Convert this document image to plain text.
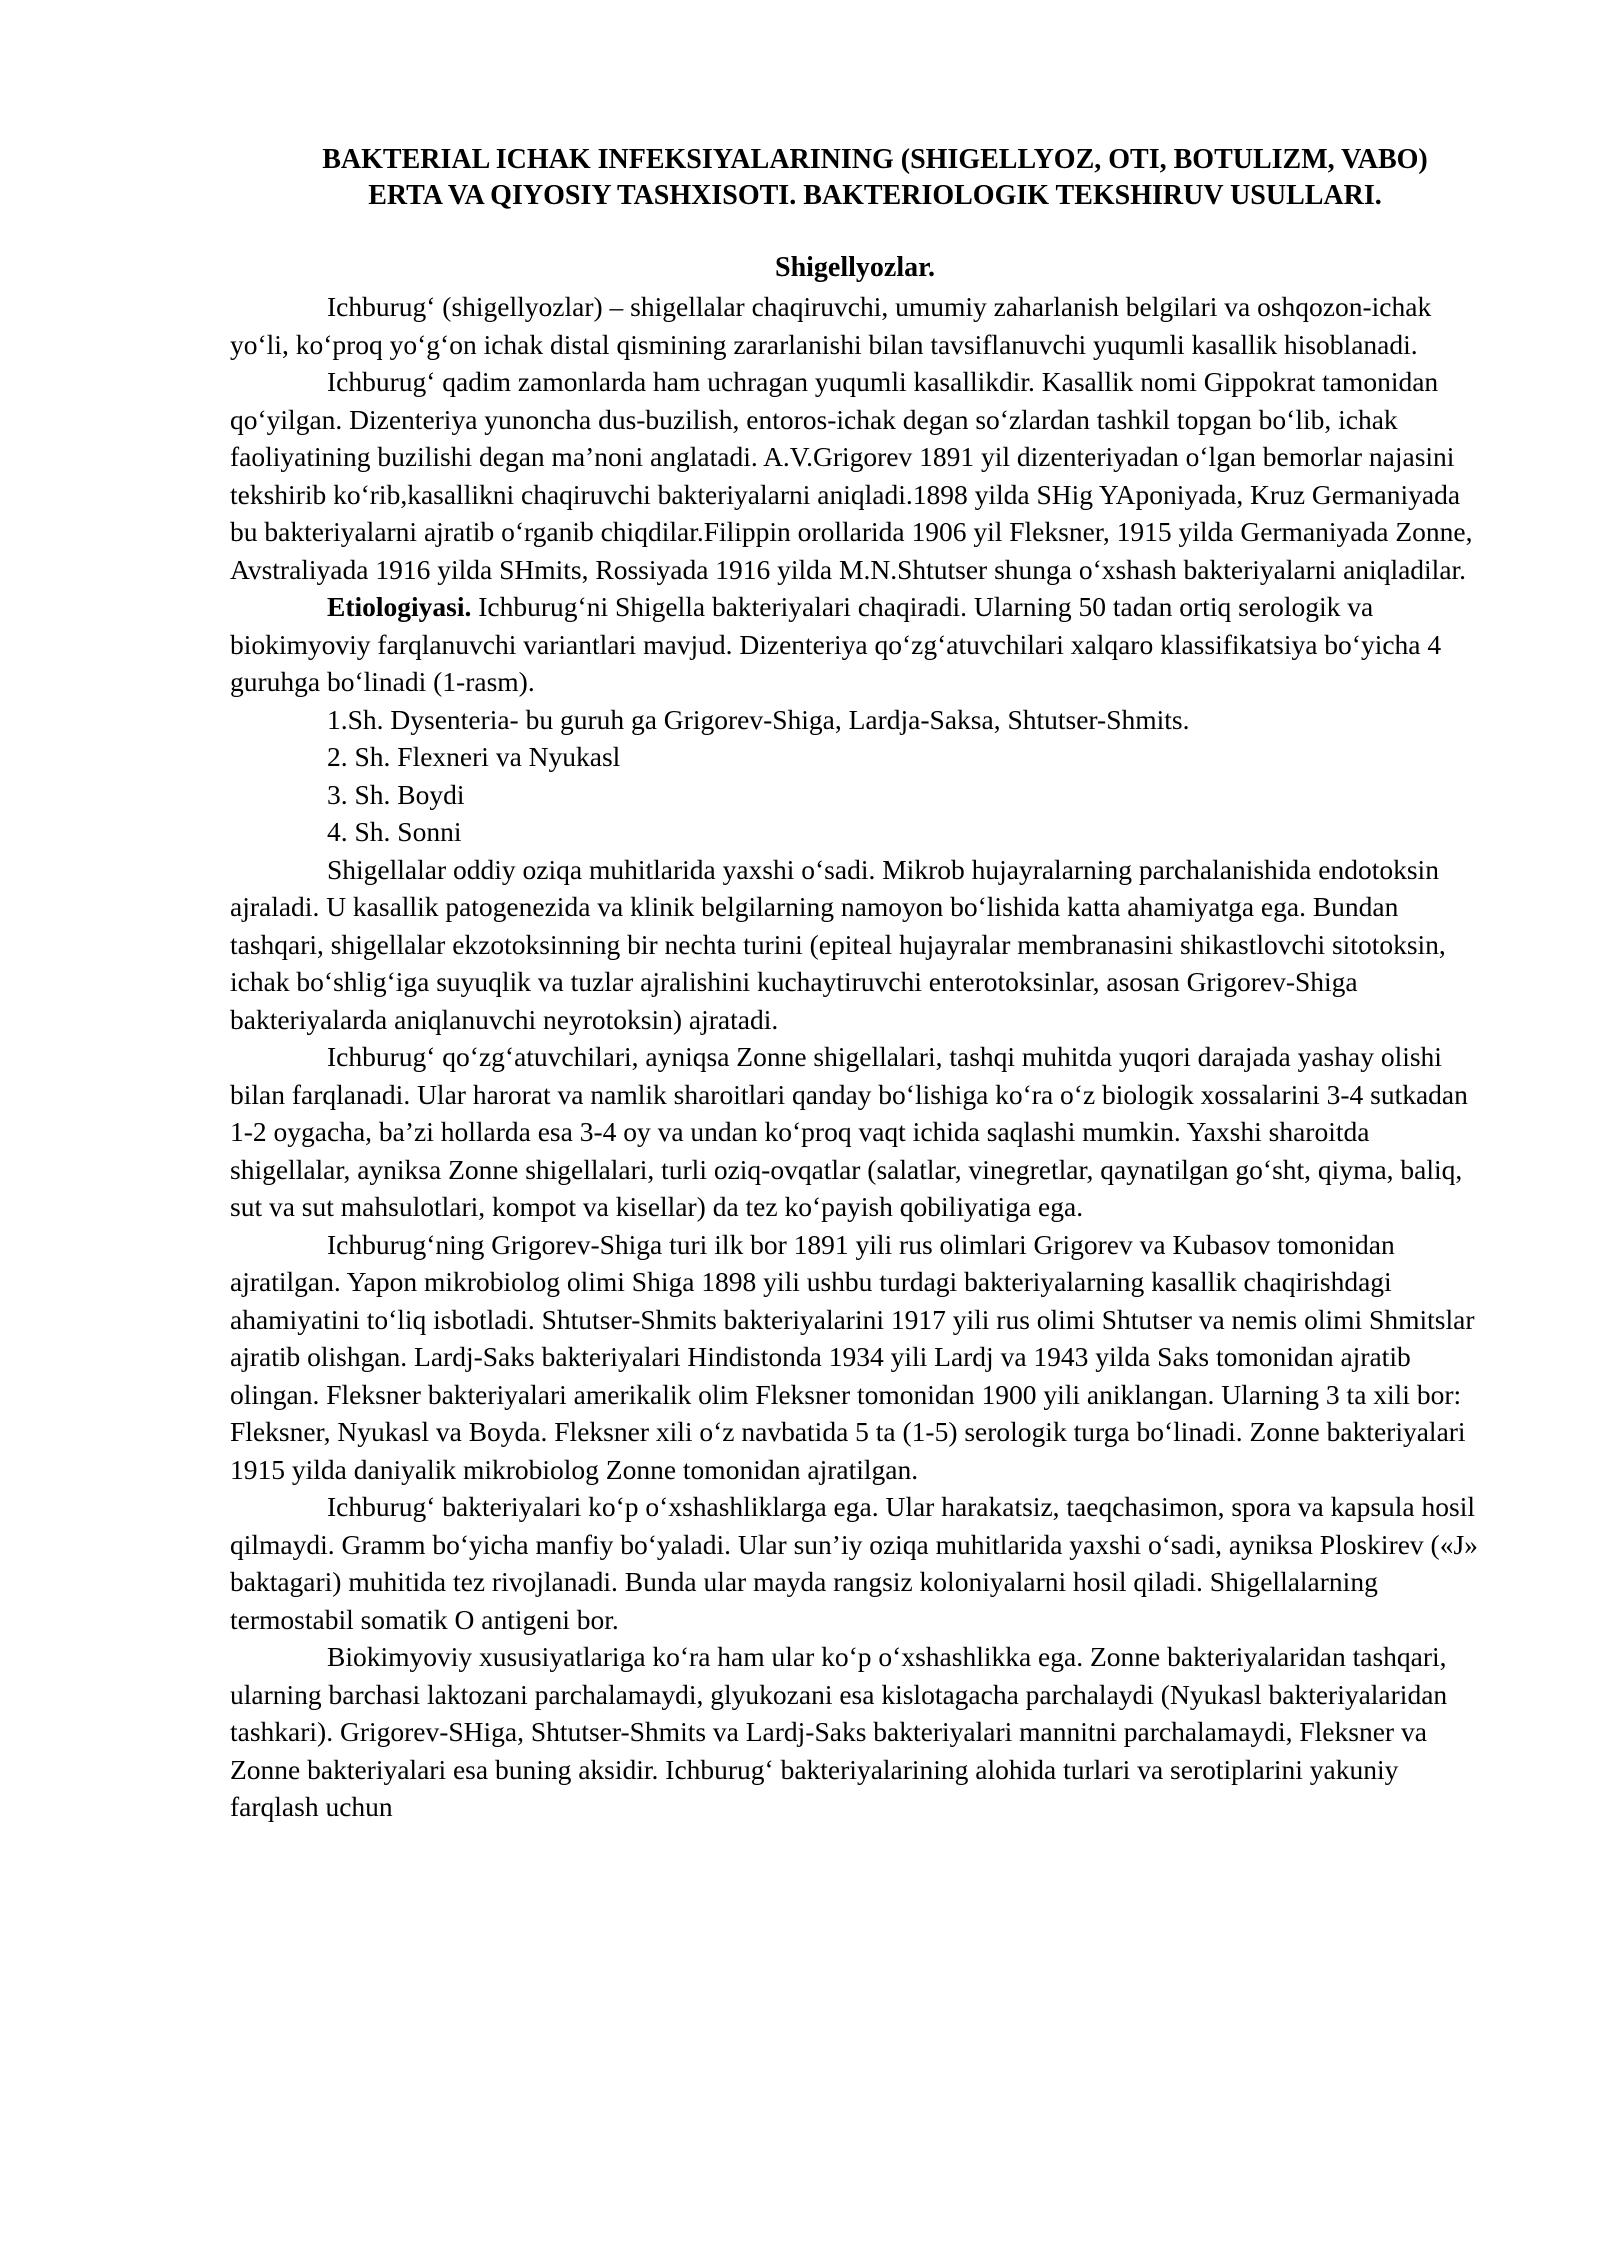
BAKTERIAL ICHAK INFEKSIYALARINING (SHIGELLYOZ, OTI, BOTULIZM, VABO) ERTA VA QIYOSIY TASHXISOTI. BAKTERIOLOGIK TEKSHIRUV USULLARI.
Shigellyozlar.

Ichburug‘ (shigellyozlar) – shigellalar chaqiruvchi, umumiy zaharlanish belgilari va oshqozon-ichak yo‘li, ko‘proq yo‘g‘on ichak distal qismining zararlanishi bilan tavsiflanuvchi yuqumli kasallik hisoblanadi.

Ichburug‘ qadim zamonlarda ham uchragan yuqumli kasallikdir. Kasallik nomi Gippokrat tamonidan qo‘yilgan. Dizenteriya yunoncha dus-buzilish, entoros-ichak degan so‘zlardan tashkil topgan bo‘lib, ichak faoliyatining buzilishi degan ma’noni anglatadi. A.V.Grigorev 1891 yil dizenteriyadan o‘lgan bemorlar najasini tekshirib ko‘rib,kasallikni chaqiruvchi bakteriyalarni aniqladi.1898 yilda SHig YAponiyada, Kruz Germaniyada bu bakteriyalarni ajratib o‘rganib chiqdilar.Filippin orollarida 1906 yil Fleksner, 1915 yilda Germaniyada Zonne, Avstraliyada 1916 yilda SHmits, Rossiyada 1916 yilda M.N.Shtutser shunga o‘xshash bakteriyalarni aniqladilar.

Etiologiyasi. Ichburug‘ni Shigella bakteriyalari chaqiradi. Ularning 50 tadan ortiq serologik va biokimyoviy farqlanuvchi variantlari mavjud. Dizenteriya qo‘zg‘atuvchilari xalqaro klassifikatsiya bo‘yicha 4 guruhga bo‘linadi (1-rasm).

1.Sh. Dysenteria- bu guruh ga Grigorev-Shiga, Lardja-Saksa, Shtutser-Shmits.
2. Sh. Flexneri va Nyukasl
3. Sh. Boydi
4. Sh. Sonni

Shigellalar oddiy oziqa muhitlarida yaxshi o‘sadi. Mikrob hujayralarning parchalanishida endotoksin ajraladi. U kasallik patogenezida va klinik belgilarning namoyon bo‘lishida katta ahamiyatga ega. Bundan tashqari, shigellalar ekzotoksinning bir nechta turini (epiteal hujayralar membranasini shikastlovchi sitotoksin, ichak bo‘shlig‘iga suyuqlik va tuzlar ajralishini kuchaytiruvchi enterotoksinlar, asosan Grigorev-Shiga bakteriyalarda aniqlanuvchi neyrotoksin) ajratadi.

Ichburug‘ qo‘zg‘atuvchilari, ayniqsa Zonne shigellalari, tashqi muhitda yuqori darajada yashay olishi bilan farqlanadi. Ular harorat va namlik sharoitlari qanday bo‘lishiga ko‘ra o‘z biologik xossalarini 3-4 sutkadan 1-2 oygacha, ba’zi hollarda esa 3-4 oy va undan ko‘proq vaqt ichida saqlashi mumkin. Yaxshi sharoitda shigellalar, ayniksa Zonne shigellalari, turli oziq-ovqatlar (salatlar, vinegretlar, qaynatilgan go‘sht, qiyma, baliq, sut va sut mahsulotlari, kompot va kisellar) da tez ko‘payish qobiliyatiga ega.

Ichburug‘ning Grigorev-Shiga turi ilk bor 1891 yili rus olimlari Grigorev va Kubasov tomonidan ajratilgan. Yapon mikrobiolog olimi Shiga 1898 yili ushbu turdagi bakteriyalarning kasallik chaqirishdagi ahamiyatini to‘liq isbotladi. Shtutser-Shmits bakteriyalarini 1917 yili rus olimi Shtutser va nemis olimi Shmitslar ajratib olishgan. Lardj-Saks bakteriyalari Hindistonda 1934 yili Lardj va 1943 yilda Saks tomonidan ajratib olingan. Fleksner bakteriyalari amerikalik olim Fleksner tomonidan 1900 yili aniklangan. Ularning 3 ta xili bor: Fleksner, Nyukasl va Boyda. Fleksner xili o‘z navbatida 5 ta (1-5) serologik turga bo‘linadi. Zonne bakteriyalari 1915 yilda daniyalik mikrobiolog Zonne tomonidan ajratilgan.

Ichburug‘ bakteriyalari ko‘p o‘xshashliklarga ega. Ular harakatsiz, taeqchasimon, spora va kapsula hosil qilmaydi. Gramm bo‘yicha manfiy bo‘yaladi. Ular sun’iy oziqa muhitlarida yaxshi o‘sadi, ayniksa Ploskirev («J» baktagari) muhitida tez rivojlanadi. Bunda ular mayda rangsiz koloniyalarni hosil qiladi. Shigellalarning termostabil somatik O antigeni bor.

Biokimyoviy xususiyatlariga ko‘ra ham ular ko‘p o‘xshashlikka ega. Zonne bakteriyalaridan tashqari, ularning barchasi laktozani parchalamaydi, glyukozani esa kislotagacha parchalaydi (Nyukasl bakteriyalaridan tashkari). Grigorev-SHiga, Shtutser-Shmits va Lardj-Saks bakteriyalari mannitni parchalamaydi, Fleksner va Zonne bakteriyalari esa buning aksidir. Ichburug‘ bakteriyalarining alohida turlari va serotiplarini yakuniy farqlash uchun
